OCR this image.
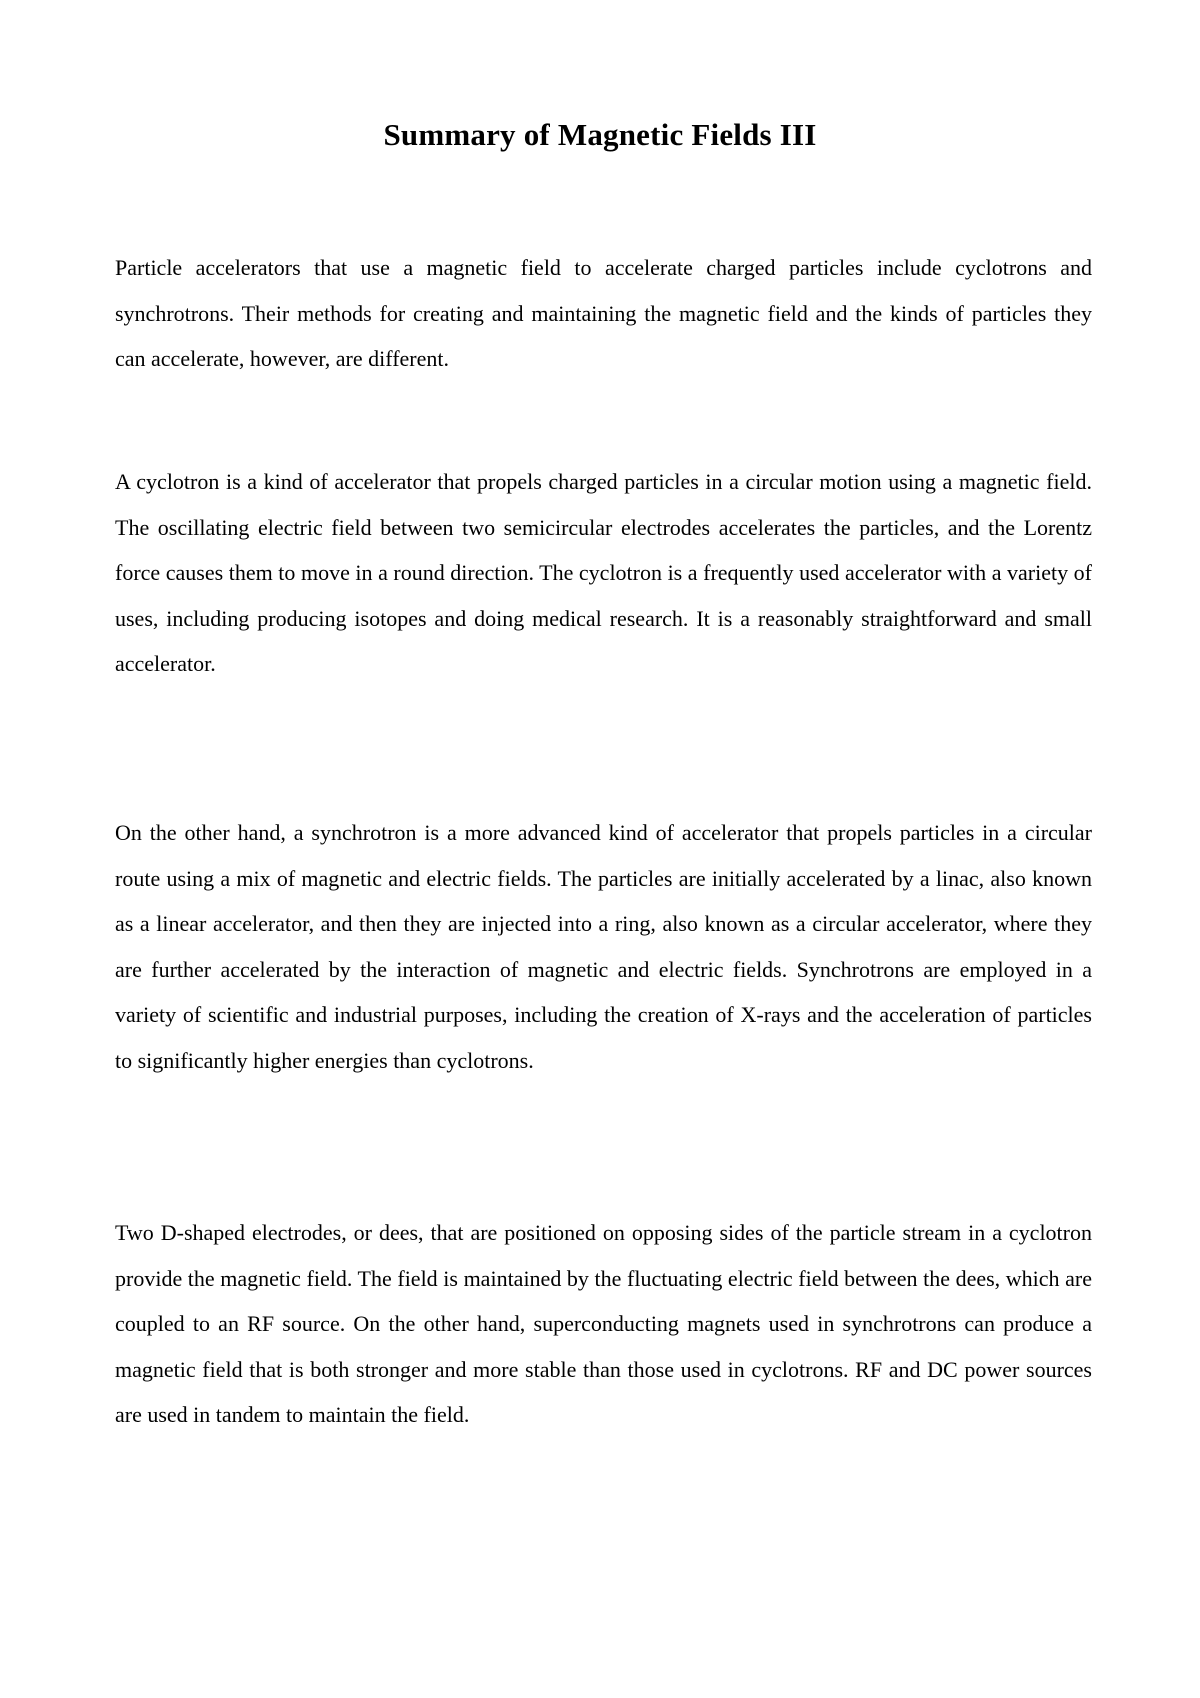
Summary of Magnetic Fields III

Particle accelerators that use a magnetic field to accelerate charged particles include cyclotrons and synchrotrons. Their methods for creating and maintaining the magnetic field and the kinds of particles they can accelerate, however, are different.

A cyclotron is a kind of accelerator that propels charged particles in a circular motion using a magnetic field. The oscillating electric field between two semicircular electrodes accelerates the particles, and the Lorentz force causes them to move in a round direction. The cyclotron is a frequently used accelerator with a variety of uses, including producing isotopes and doing medical research. It is a reasonably straightforward and small accelerator.

On the other hand, a synchrotron is a more advanced kind of accelerator that propels particles in a circular route using a mix of magnetic and electric fields. The particles are initially accelerated by a linac, also known as a linear accelerator, and then they are injected into a ring, also known as a circular accelerator, where they are further accelerated by the interaction of magnetic and electric fields. Synchrotrons are employed in a variety of scientific and industrial purposes, including the creation of X-rays and the acceleration of particles to significantly higher energies than cyclotrons.

Two D-shaped electrodes, or dees, that are positioned on opposing sides of the particle stream in a cyclotron provide the magnetic field. The field is maintained by the fluctuating electric field between the dees, which are coupled to an RF source. On the other hand, superconducting magnets used in synchrotrons can produce a magnetic field that is both stronger and more stable than those used in cyclotrons. RF and DC power sources are used in tandem to maintain the field.
